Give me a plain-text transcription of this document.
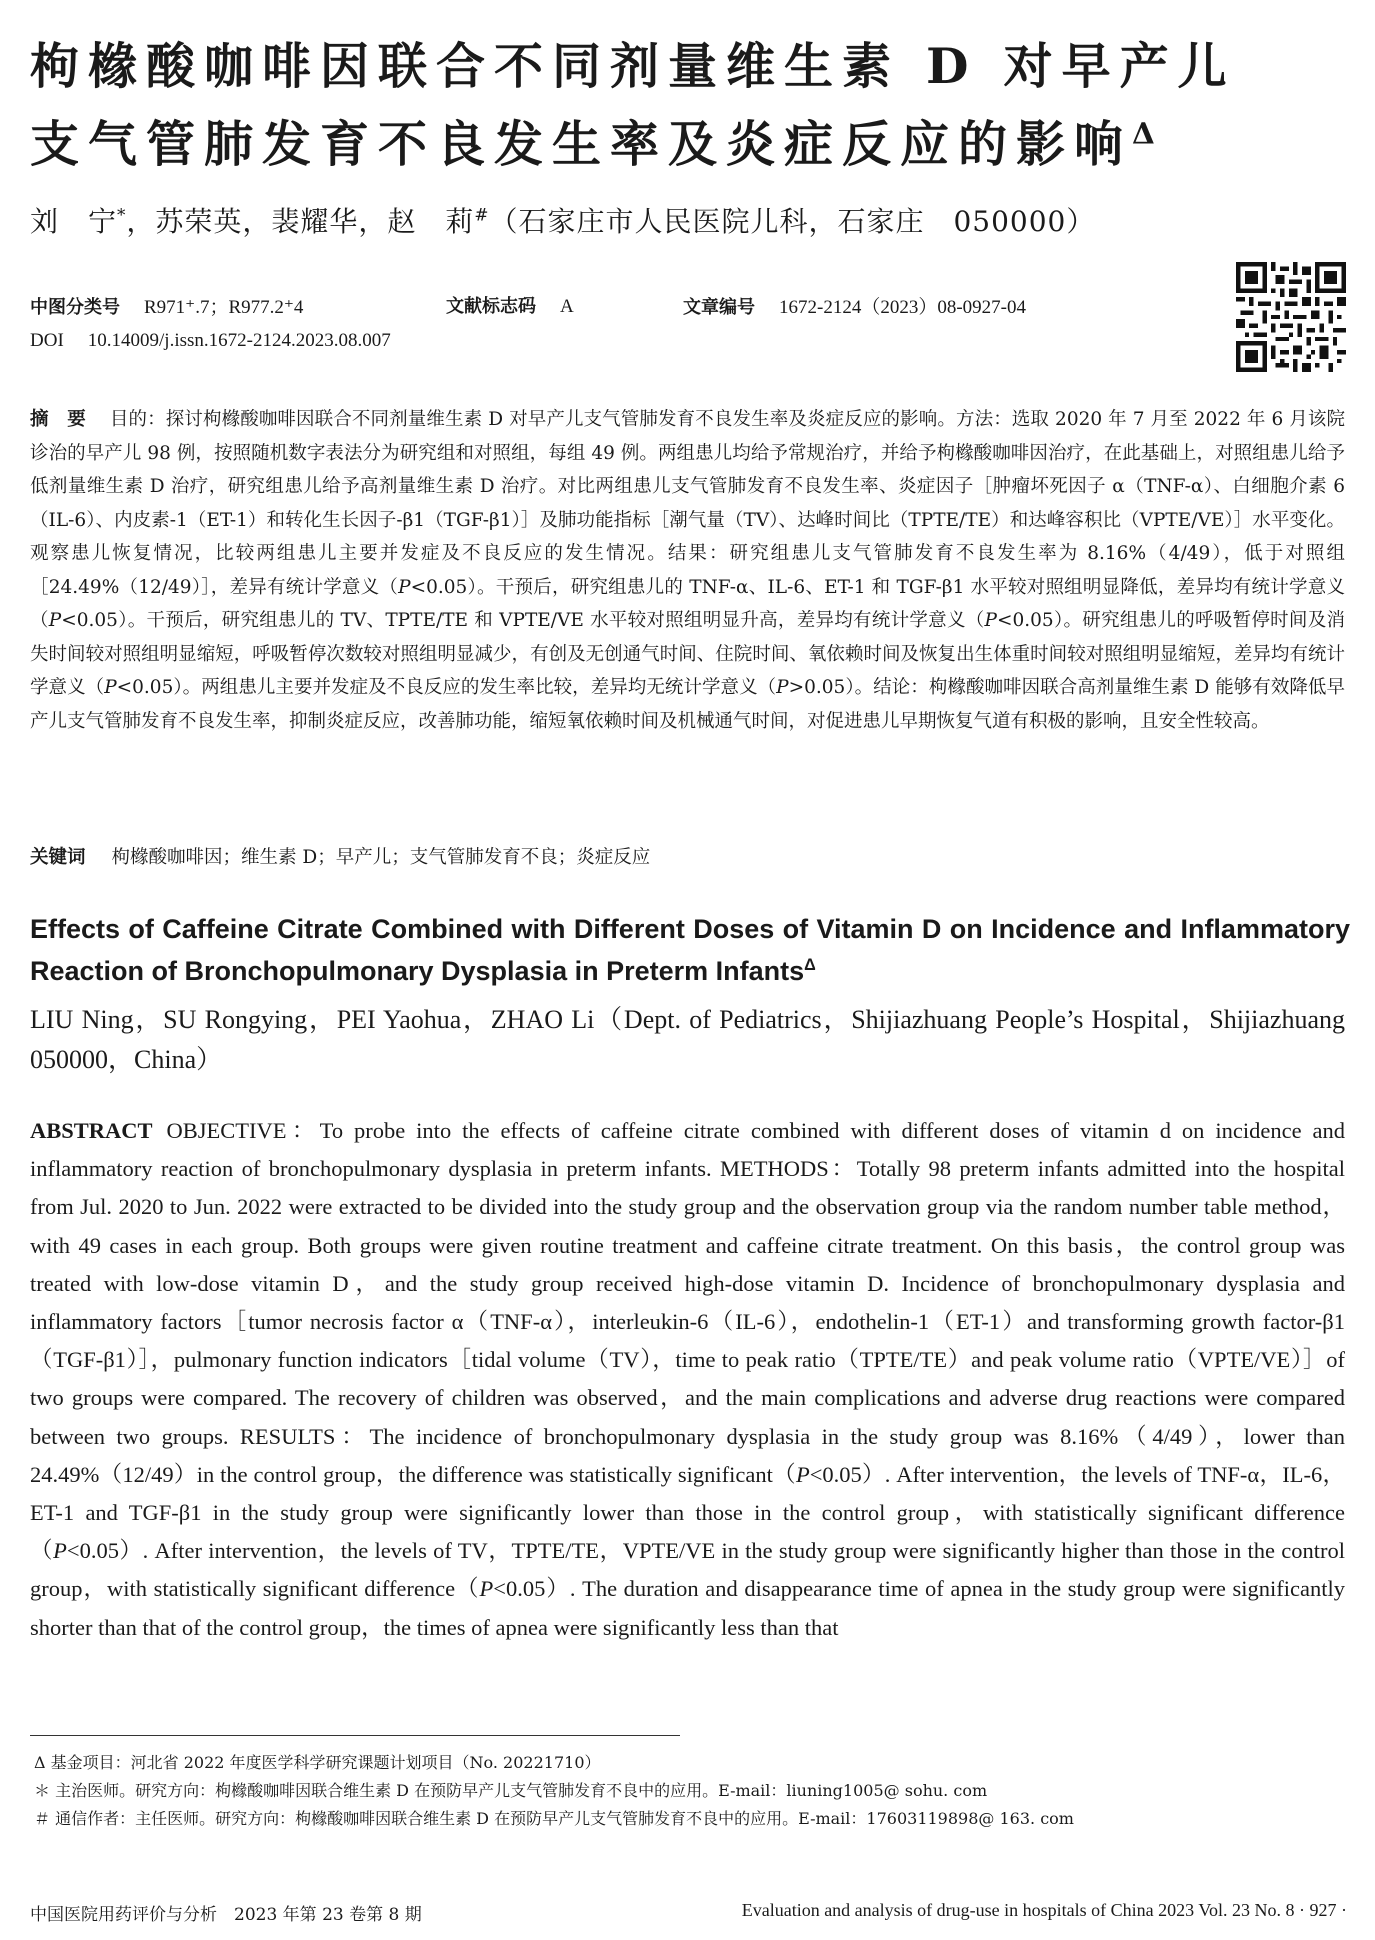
枸橼酸咖啡因联合不同剂量维生素 D 对早产儿
支气管肺发育不良发生率及炎症反应的影响$^\Delta$
刘　宁*，苏荣英，裴耀华，赵　莉#（石家庄市人民医院儿科，石家庄　050000）
中图分类号 R971⁺.7；R977.2⁺4	文献标志码 A	文章编号 1672-2124（2023）08-0927-04
DOI 10.14009/j.issn.1672-2124.2023.08.007
摘　要 目的：探讨枸橼酸咖啡因联合不同剂量维生素 D 对早产儿支气管肺发育不良发生率及炎症反应的影响。方法：选取 2020 年 7 月至 2022 年 6 月该院诊治的早产儿 98 例，按照随机数字表法分为研究组和对照组，每组 49 例。两组患儿均给予常规治疗，并给予枸橼酸咖啡因治疗，在此基础上，对照组患儿给予低剂量维生素 D 治疗，研究组患儿给予高剂量维生素 D 治疗。对比两组患儿支气管肺发育不良发生率、炎症因子［肿瘤坏死因子 α（TNF-α）、白细胞介素 6（IL-6）、内皮素-1（ET-1）和转化生长因子-β1（TGF-β1）］及肺功能指标［潮气量（TV）、达峰时间比（TPTE/TE）和达峰容积比（VPTE/VE）］水平变化。观察患儿恢复情况，比较两组患儿主要并发症及不良反应的发生情况。结果：研究组患儿支气管肺发育不良发生率为 8.16%（4/49），低于对照组［24.49%（12/49）］，差异有统计学意义（P<0.05）。干预后，研究组患儿的 TNF-α、IL-6、ET-1 和 TGF-β1 水平较对照组明显降低，差异均有统计学意义（P<0.05）。干预后，研究组患儿的 TV、TPTE/TE 和 VPTE/VE 水平较对照组明显升高，差异均有统计学意义（P<0.05）。研究组患儿的呼吸暂停时间及消失时间较对照组明显缩短，呼吸暂停次数较对照组明显减少，有创及无创通气时间、住院时间、氧依赖时间及恢复出生体重时间较对照组明显缩短，差异均有统计学意义（P<0.05）。两组患儿主要并发症及不良反应的发生率比较，差异均无统计学意义（P>0.05）。结论：枸橼酸咖啡因联合高剂量维生素 D 能够有效降低早产儿支气管肺发育不良发生率，抑制炎症反应，改善肺功能，缩短氧依赖时间及机械通气时间，对促进患儿早期恢复气道有积极的影响，且安全性较高。
关键词 枸橼酸咖啡因；维生素 D；早产儿；支气管肺发育不良；炎症反应
Effects of Caffeine Citrate Combined with Different Doses of Vitamin D on Incidence and Inflammatory Reaction of Bronchopulmonary Dysplasia in Preterm Infants$^\Delta$
LIU Ning，SU Rongying，PEI Yaohua，ZHAO Li（Dept. of Pediatrics，Shijiazhuang People’s Hospital，Shijiazhuang 050000，China）
ABSTRACT OBJECTIVE：To probe into the effects of caffeine citrate combined with different doses of vitamin d on incidence and inflammatory reaction of bronchopulmonary dysplasia in preterm infants. METHODS：Totally 98 preterm infants admitted into the hospital from Jul. 2020 to Jun. 2022 were extracted to be divided into the study group and the observation group via the random number table method，with 49 cases in each group. Both groups were given routine treatment and caffeine citrate treatment. On this basis，the control group was treated with low-dose vitamin D，and the study group received high-dose vitamin D. Incidence of bronchopulmonary dysplasia and inflammatory factors［tumor necrosis factor α（TNF-α），interleukin-6（IL-6），endothelin-1（ET-1）and transforming growth factor-β1（TGF-β1）］，pulmonary function indicators［tidal volume（TV），time to peak ratio（TPTE/TE）and peak volume ratio（VPTE/VE）］of two groups were compared. The recovery of children was observed，and the main complications and adverse drug reactions were compared between two groups. RESULTS：The incidence of bronchopulmonary dysplasia in the study group was 8.16%（4/49），lower than 24.49%（12/49）in the control group，the difference was statistically significant（P<0.05）. After intervention，the levels of TNF-α，IL-6，ET-1 and TGF-β1 in the study group were significantly lower than those in the control group，with statistically significant difference（P<0.05）. After intervention，the levels of TV，TPTE/TE，VPTE/VE in the study group were significantly higher than those in the control group，with statistically significant difference（P<0.05）. The duration and disappearance time of apnea in the study group were significantly shorter than that of the control group，the times of apnea were significantly less than that
Δ 基金项目：河北省 2022 年度医学科学研究课题计划项目（No. 20221710）
＊ 主治医师。研究方向：枸橼酸咖啡因联合维生素 D 在预防早产儿支气管肺发育不良中的应用。E-mail：liuning1005@ sohu. com
＃ 通信作者：主任医师。研究方向：枸橼酸咖啡因联合维生素 D 在预防早产儿支气管肺发育不良中的应用。E-mail：17603119898@ 163. com
中国医院用药评价与分析　2023 年第 23 卷第 8 期	Evaluation and analysis of drug-use in hospitals of China 2023 Vol. 23 No. 8 · 927 ·
